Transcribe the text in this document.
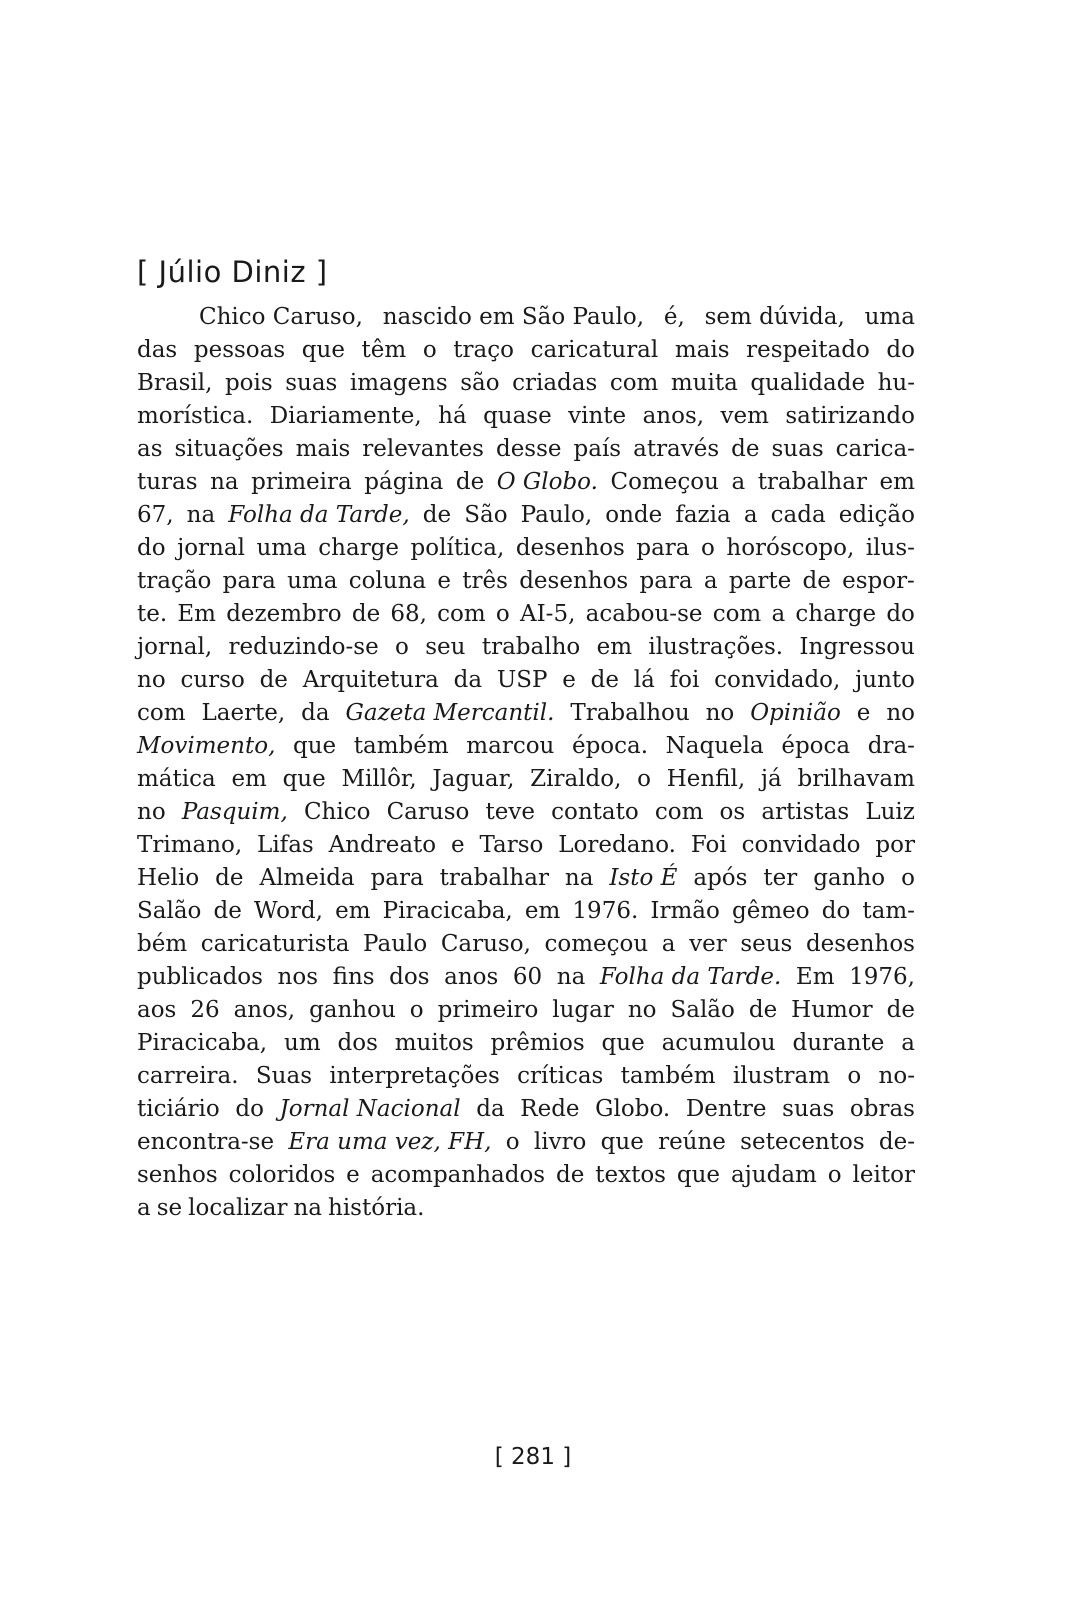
[ Júlio Diniz ]
Chico Caruso, nascido em São Paulo, é, sem dúvida, uma
das pessoas que têm o traço caricatural mais respeitado do
Brasil, pois suas imagens são criadas com muita qualidade hu-
morística. Diariamente, há quase vinte anos, vem satirizando
as situações mais relevantes desse país através de suas carica-
turas na primeira página de O Globo. Começou a trabalhar em
67, na Folha da Tarde, de São Paulo, onde fazia a cada edição
do jornal uma charge política, desenhos para o horóscopo, ilus-
tração para uma coluna e três desenhos para a parte de espor-
te. Em dezembro de 68, com o AI-5, acabou-se com a charge do
jornal, reduzindo-se o seu trabalho em ilustrações. Ingressou
no curso de Arquitetura da USP e de lá foi convidado, junto
com Laerte, da Gazeta Mercantil. Trabalhou no Opinião e no
Movimento, que também marcou época. Naquela época dra-
mática em que Millôr, Jaguar, Ziraldo, o Henfil, já brilhavam
no Pasquim, Chico Caruso teve contato com os artistas Luiz
Trimano, Lifas Andreato e Tarso Loredano. Foi convidado por
Helio de Almeida para trabalhar na Isto É após ter ganho o
Salão de Word, em Piracicaba, em 1976. Irmão gêmeo do tam-
bém caricaturista Paulo Caruso, começou a ver seus desenhos
publicados nos fins dos anos 60 na Folha da Tarde. Em 1976,
aos 26 anos, ganhou o primeiro lugar no Salão de Humor de
Piracicaba, um dos muitos prêmios que acumulou durante a
carreira. Suas interpretações críticas também ilustram o no-
ticiário do Jornal Nacional da Rede Globo. Dentre suas obras
encontra-se Era uma vez, FH, o livro que reúne setecentos de-
senhos coloridos e acompanhados de textos que ajudam o leitor
a se localizar na história.
[ 281 ]
